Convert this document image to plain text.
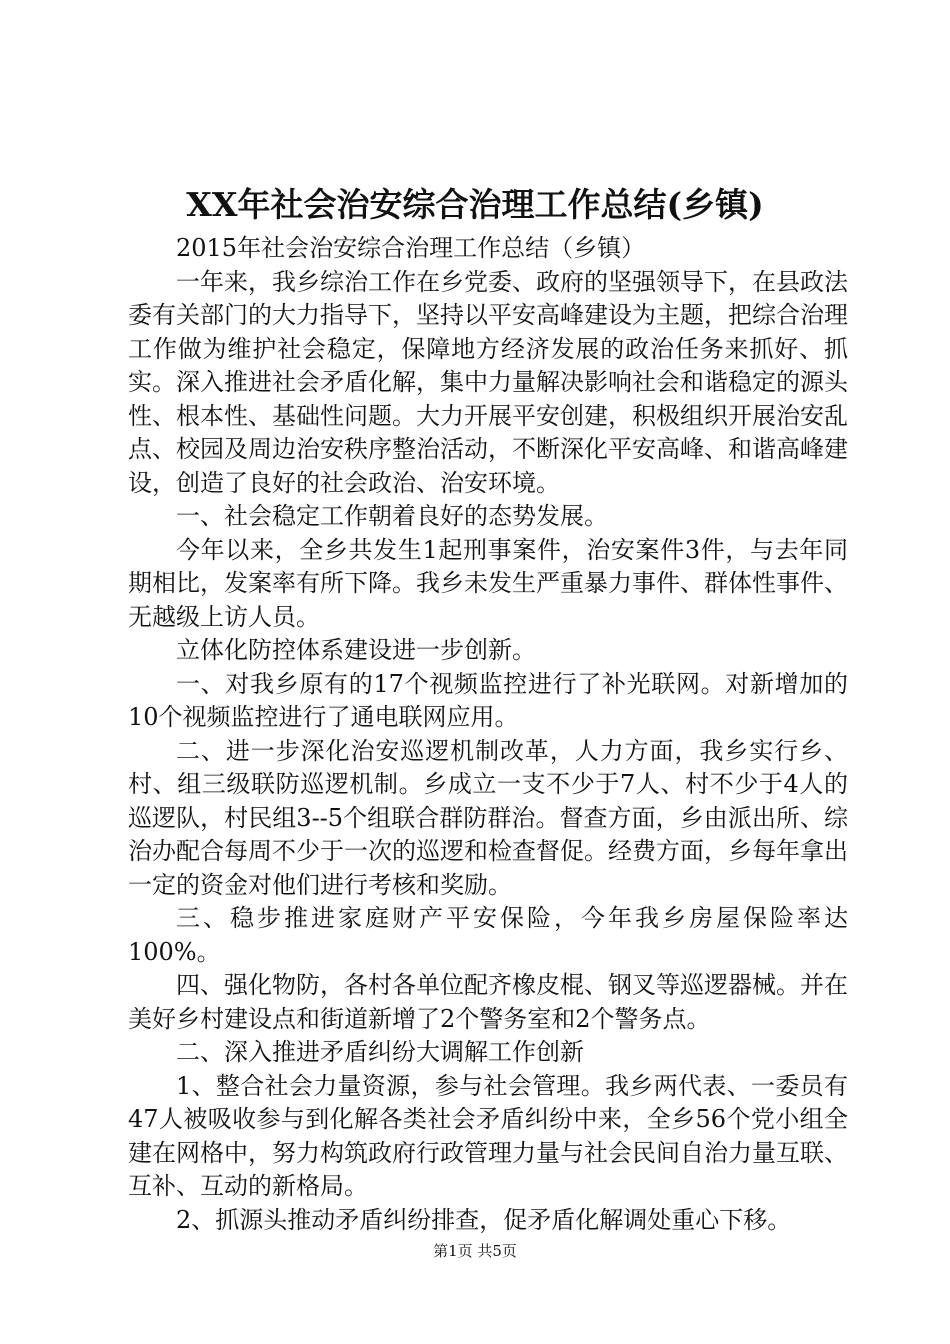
XX年社会治安综合治理工作总结(乡镇)

2015年社会治安综合治理工作总结（乡镇）

一年来，我乡综治工作在乡党委、政府的坚强领导下，在县政法委有关部门的大力指导下，坚持以平安高峰建设为主题，把综合治理工作做为维护社会稳定，保障地方经济发展的政治任务来抓好、抓实。深入推进社会矛盾化解，集中力量解决影响社会和谐稳定的源头性、根本性、基础性问题。大力开展平安创建，积极组织开展治安乱点、校园及周边治安秩序整治活动，不断深化平安高峰、和谐高峰建设，创造了良好的社会政治、治安环境。

一、社会稳定工作朝着良好的态势发展。

今年以来，全乡共发生1起刑事案件，治安案件3件，与去年同期相比，发案率有所下降。我乡未发生严重暴力事件、群体性事件、无越级上访人员。

立体化防控体系建设进一步创新。

一、对我乡原有的17个视频监控进行了补光联网。对新增加的10个视频监控进行了通电联网应用。

二、进一步深化治安巡逻机制改革，人力方面，我乡实行乡、村、组三级联防巡逻机制。乡成立一支不少于7人、村不少于4人的巡逻队，村民组3--5个组联合群防群治。督查方面，乡由派出所、综治办配合每周不少于一次的巡逻和检查督促。经费方面，乡每年拿出一定的资金对他们进行考核和奖励。

三、稳步推进家庭财产平安保险，今年我乡房屋保险率达100%。

四、强化物防，各村各单位配齐橡皮棍、钢叉等巡逻器械。并在美好乡村建设点和街道新增了2个警务室和2个警务点。

二、深入推进矛盾纠纷大调解工作创新

1、整合社会力量资源，参与社会管理。我乡两代表、一委员有47人被吸收参与到化解各类社会矛盾纠纷中来，全乡56个党小组全建在网格中，努力构筑政府行政管理力量与社会民间自治力量互联、互补、互动的新格局。

2、抓源头推动矛盾纠纷排查，促矛盾化解调处重心下移。

第1页 共5页
